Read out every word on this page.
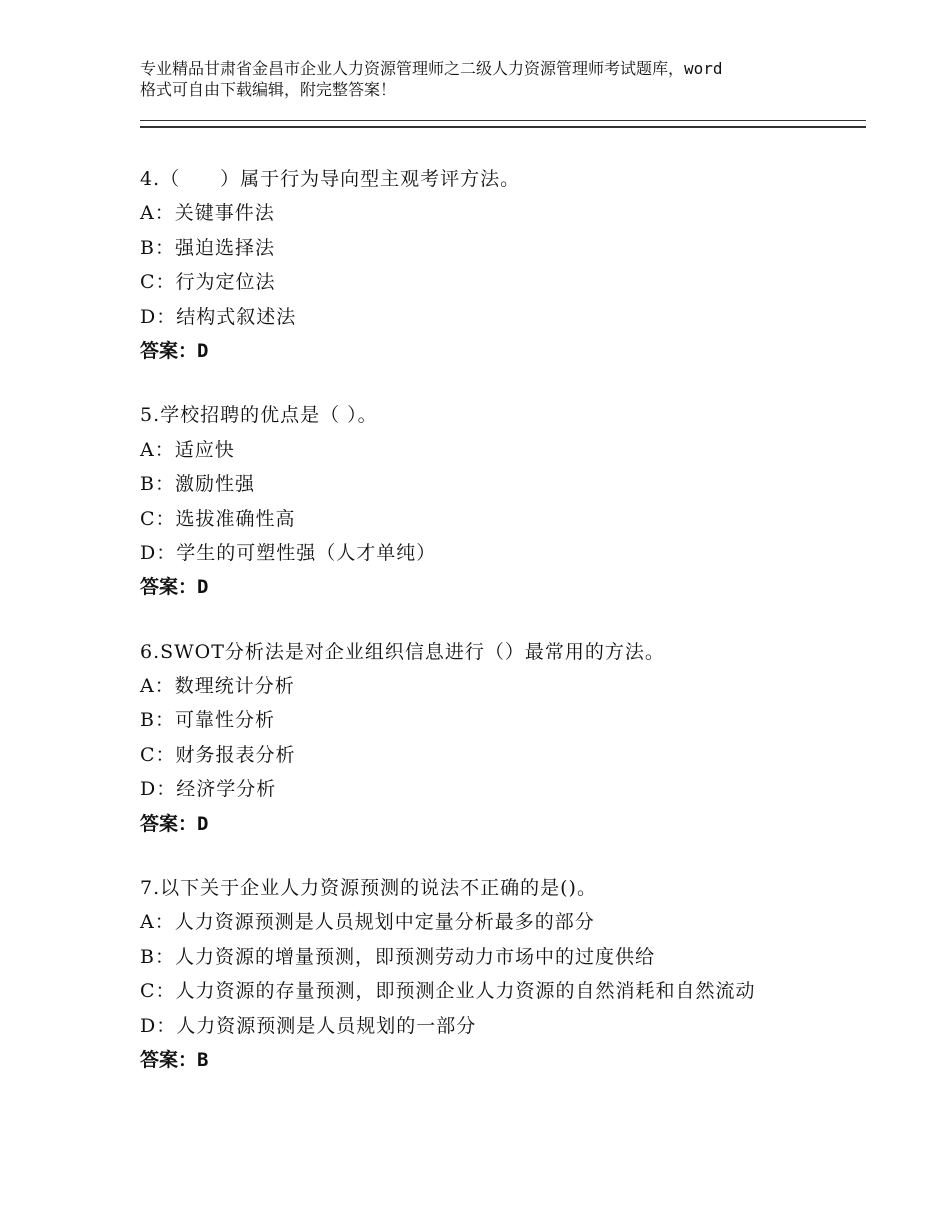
专业精品甘肃省金昌市企业人力资源管理师之二级人力资源管理师考试题库，word
格式可自由下载编辑，附完整答案！
4.（　　）属于行为导向型主观考评方法。
A：关键事件法
B：强迫选择法
C：行为定位法
D：结构式叙述法
答案：D
5.学校招聘的优点是（ ）。
A：适应快
B：激励性强
C：选拔准确性高
D：学生的可塑性强（人才单纯）
答案：D
6.SWOT分析法是对企业组织信息进行（）最常用的方法。
A：数理统计分析
B：可靠性分析
C：财务报表分析
D：经济学分析
答案：D
7.以下关于企业人力资源预测的说法不正确的是()。
A：人力资源预测是人员规划中定量分析最多的部分
B：人力资源的增量预测，即预测劳动力市场中的过度供给
C：人力资源的存量预测，即预测企业人力资源的自然消耗和自然流动
D：人力资源预测是人员规划的一部分
答案：B
